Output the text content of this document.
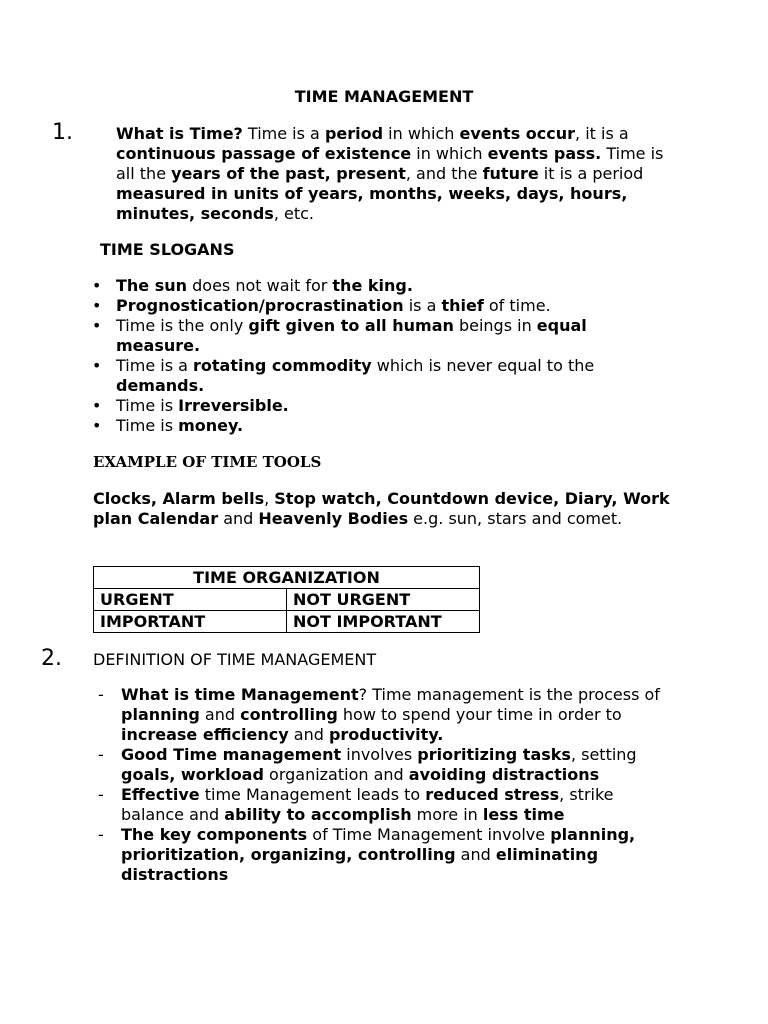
TIME MANAGEMENT
1.	What is Time? Time is a period in which events occur, it is a continuous passage of existence in which events pass. Time is all the years of the past, present, and the future it is a period measured in units of years, months, weeks, days, hours, minutes, seconds, etc.
TIME SLOGANS
• The sun does not wait for the king.
• Prognostication/procrastination is a thief of time.
• Time is the only gift given to all human beings in equal measure.
• Time is a rotating commodity which is never equal to the demands.
• Time is Irreversible.
• Time is money.
EXAMPLE OF TIME TOOLS
Clocks, Alarm bells, Stop watch, Countdown device, Diary, Work plan Calendar and Heavenly Bodies e.g. sun, stars and comet.
TIME ORGANIZATION	
URGENT	NOT URGENT
IMPORTANT	NOT IMPORTANT
2. DEFINITION OF TIME MANAGEMENT
- What is time Management? Time management is the process of planning and controlling how to spend your time in order to increase efficiency and productivity.
- Good Time management involves prioritizing tasks, setting goals, workload organization and avoiding distractions
- Effective time Management leads to reduced stress, strike balance and ability to accomplish more in less time
- The key components of Time Management involve planning, prioritization, organizing, controlling and eliminating distractions
